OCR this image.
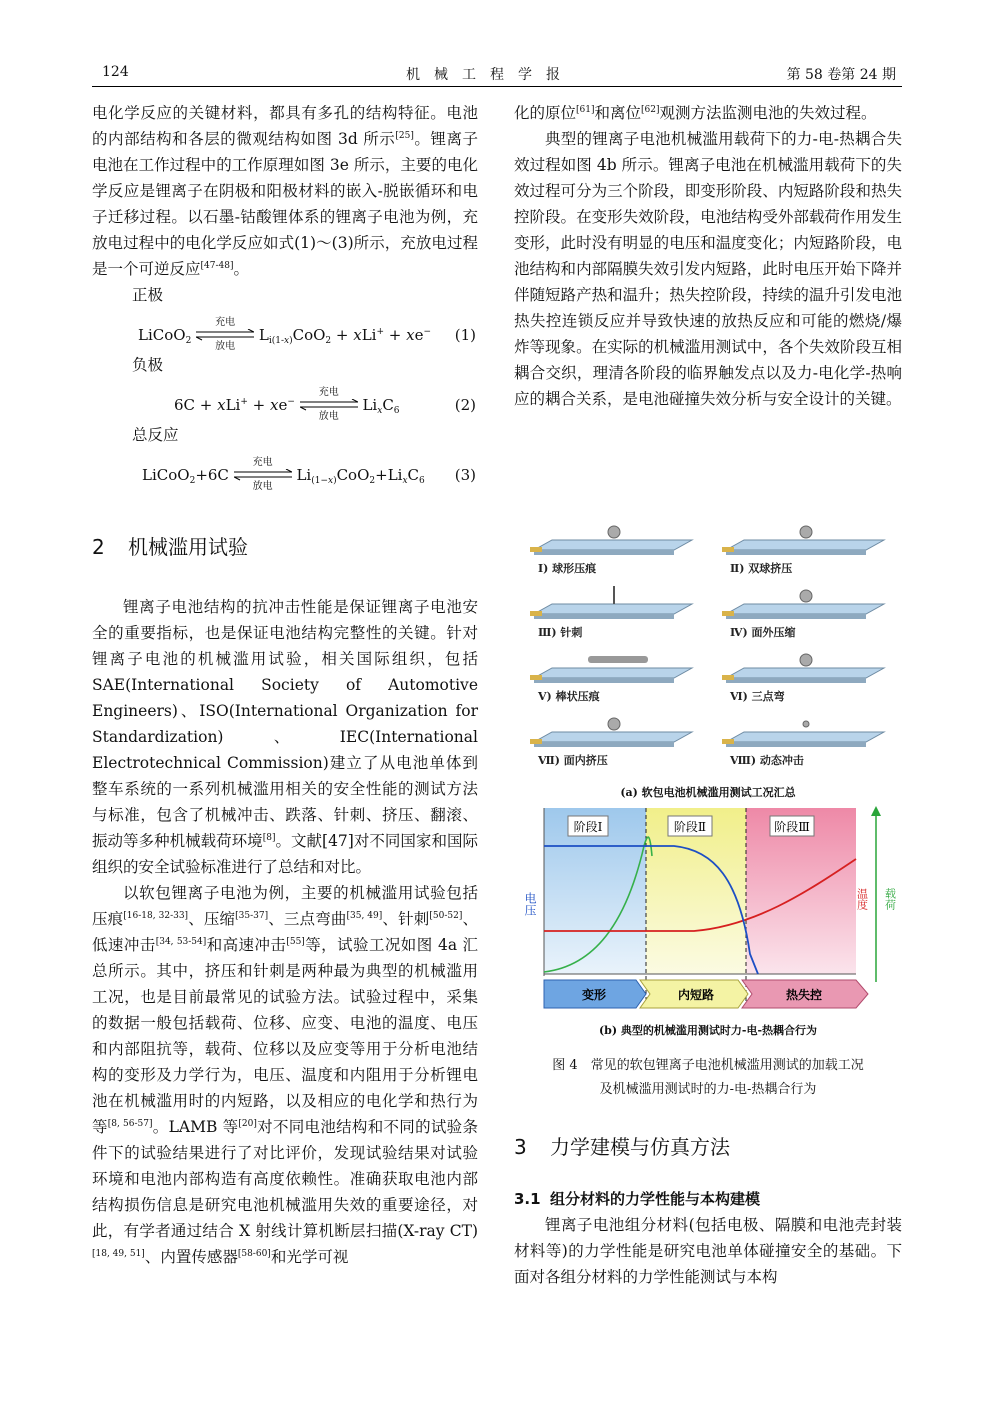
124	机　械　工　程　学　报	第 58 卷第 24 期

电化学反应的关键材料，都具有多孔的结构特征。电池的内部结构和各层的微观结构如图 3d 所示[25]。锂离子电池在工作过程中的工作原理如图 3e 所示，主要的电化学反应是锂离子在阴极和阳极材料的嵌入-脱嵌循环和电子迁移过程。以石墨-钴酸锂体系的锂离子电池为例，充放电过程中的电化学反应如式(1)～(3)所示，充放电过程是一个可逆反应[47-48]。

正极

LiCoO$_2$
充电
放电
$L_{i(1-x)}CoO_2 + xLi^+ + xe^-$ (1)

负极

6C + xLi+ + xe−
充电
放电
$Li_xC_6$	(2)

总反应

LiCoO$_2$+6C
充电
放电
$Li_{(1-x)}CoO_2+Li_xC_6$ (3)
2 机械滥用试验

锂离子电池结构的抗冲击性能是保证锂离子电池安全的重要指标，也是保证电池结构完整性的关键。针对锂离子电池的机械滥用试验，相关国际组织，包括 SAE(International Society of Automotive Engineers)、ISO(International Organization for Standardization)、IEC(International Electrotechnical Commission)建立了从电池单体到整车系统的一系列机械滥用相关的安全性能的测试方法与标准，包含了机械冲击、跌落、针刺、挤压、翻滚、振动等多种机械载荷环境[8]。文献[47]对不同国家和国际组织的安全试验标准进行了总结和对比。

以软包锂离子电池为例，主要的机械滥用试验包括压痕[16-18, 32-33]、压缩[35-37]、三点弯曲[35, 49]、针刺[50-52]、低速冲击[34, 53-54]和高速冲击[55]等，试验工况如图 4a 汇总所示。其中，挤压和针刺是两种最为典型的机械滥用工况，也是目前最常见的试验方法。试验过程中，采集的数据一般包括载荷、位移、应变、电池的温度、电压和内部阻抗等，载荷、位移以及应变等用于分析电池结构的变形及力学行为，电压、温度和内阻用于分析锂电池在机械滥用时的内短路，以及相应的电化学和热行为等[8, 56-57]。LAMB 等[20]对不同电池结构和不同的试验条件下的试验结果进行了对比评价，发现试验结果对试验环境和电池内部构造有高度依赖性。准确获取电池内部结构损伤信息是研究电池机械滥用失效的重要途径，对此，有学者通过结合 X 射线计算机断层扫描(X-ray CT)[18, 49, 51]、内置传感器[58-60]和光学可视

化的原位[61]和离位[62]观测方法监测电池的失效过程。

典型的锂离子电池机械滥用载荷下的力-电-热耦合失效过程如图 4b 所示。锂离子电池在机械滥用载荷下的失效过程可分为三个阶段，即变形阶段、内短路阶段和热失控阶段。在变形失效阶段，电池结构受外部载荷作用发生变形，此时没有明显的电压和温度变化；内短路阶段，电池结构和内部隔膜失效引发内短路，此时电压开始下降并伴随短路产热和温升；热失控阶段，持续的温升引发电池热失控连锁反应并导致快速的放热反应和可能的燃烧/爆炸等现象。在实际的机械滥用测试中，各个失效阶段互相耦合交织，理清各阶段的临界触发点以及力-电化学-热响应的耦合关系，是电池碰撞失效分析与安全设计的关键。

Ⅰ) 球形压痕	Ⅱ) 双球挤压
Ⅲ) 针刺	Ⅳ) 面外压缩
Ⅴ) 棒状压痕	Ⅵ) 三点弯
Ⅶ) 面内挤压	Ⅷ) 动态冲击
(a) 软包电池机械滥用测试工况汇总
阶段Ⅰ	阶段Ⅱ	阶段Ⅲ
电压	温度 载荷
变形	内短路	热失控
(b) 典型的机械滥用测试时力-电-热耦合行为
图 4　常见的软包锂离子电池机械滥用测试的加载工况
及机械滥用测试时的力-电-热耦合行为
3 力学建模与仿真方法

3.1 组分材料的力学性能与本构建模

锂离子电池组分材料(包括电极、隔膜和电池壳封装材料等)的力学性能是研究电池单体碰撞安全的基础。下面对各组分材料的力学性能测试与本构
